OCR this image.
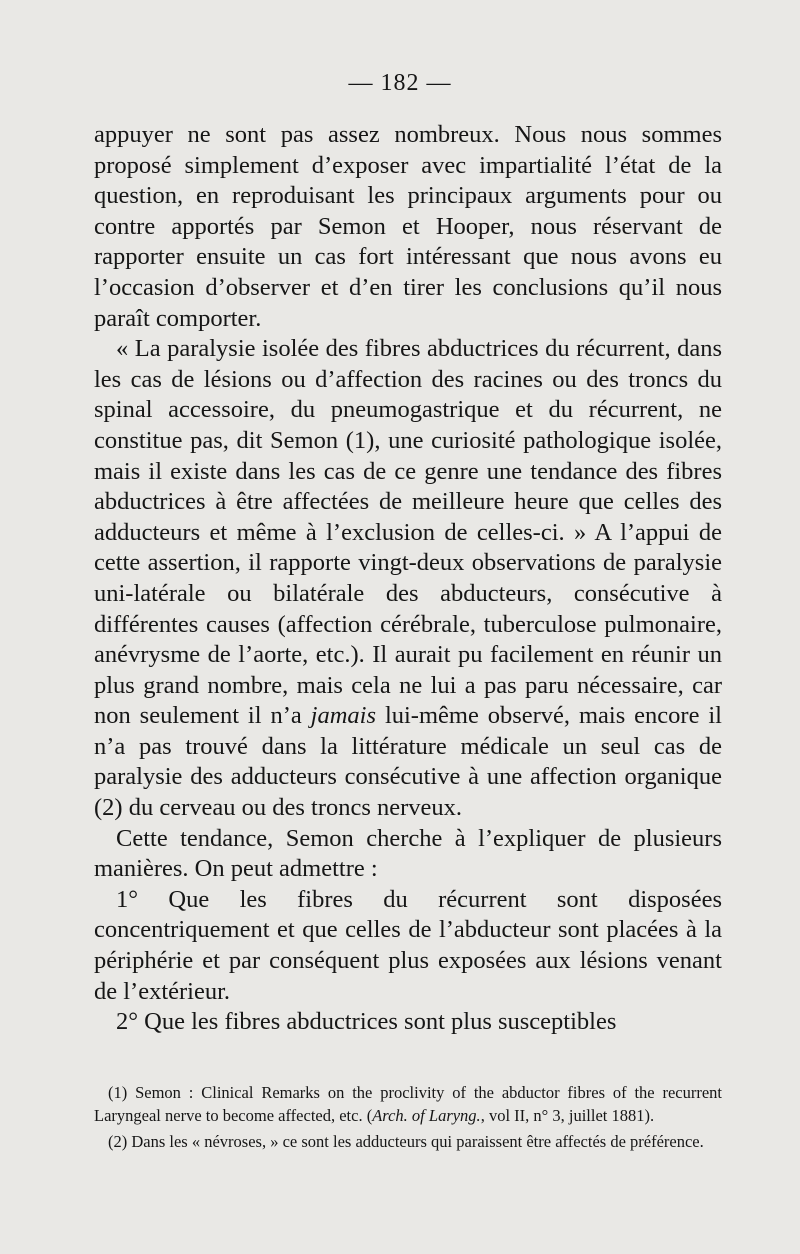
— 182 —

appuyer ne sont pas assez nombreux. Nous nous sommes proposé simplement d’exposer avec impartialité l’état de la question, en reproduisant les principaux arguments pour ou contre apportés par Semon et Hooper, nous réservant de rapporter ensuite un cas fort intéressant que nous avons eu l’occasion d’observer et d’en tirer les conclusions qu’il nous paraît comporter.

« La paralysie isolée des fibres abductrices du récurrent, dans les cas de lésions ou d’affection des racines ou des troncs du spinal accessoire, du pneumogastrique et du récurrent, ne constitue pas, dit Semon (1), une curiosité pathologique isolée, mais il existe dans les cas de ce genre une tendance des fibres abductrices à être affectées de meilleure heure que celles des adducteurs et même à l’exclusion de celles-ci. » A l’appui de cette assertion, il rapporte vingt-deux observations de paralysie uni-latérale ou bilatérale des abducteurs, consécutive à différentes causes (affection cérébrale, tuberculose pulmonaire, anévrysme de l’aorte, etc.). Il aurait pu facilement en réunir un plus grand nombre, mais cela ne lui a pas paru nécessaire, car non seulement il n’a jamais lui-même observé, mais encore il n’a pas trouvé dans la littérature médicale un seul cas de paralysie des adducteurs consécutive à une affection organique (2) du cerveau ou des troncs nerveux.

Cette tendance, Semon cherche à l’expliquer de plusieurs manières. On peut admettre :

1° Que les fibres du récurrent sont disposées concentriquement et que celles de l’abducteur sont placées à la périphérie et par conséquent plus exposées aux lésions venant de l’extérieur.

2° Que les fibres abductrices sont plus susceptibles

(1) Semon : Clinical Remarks on the proclivity of the abductor fibres of the recurrent Laryngeal nerve to become affected, etc. (Arch. of Laryng., vol II, n° 3, juillet 1881).

(2) Dans les « névroses, » ce sont les adducteurs qui paraissent être affectés de préférence.
